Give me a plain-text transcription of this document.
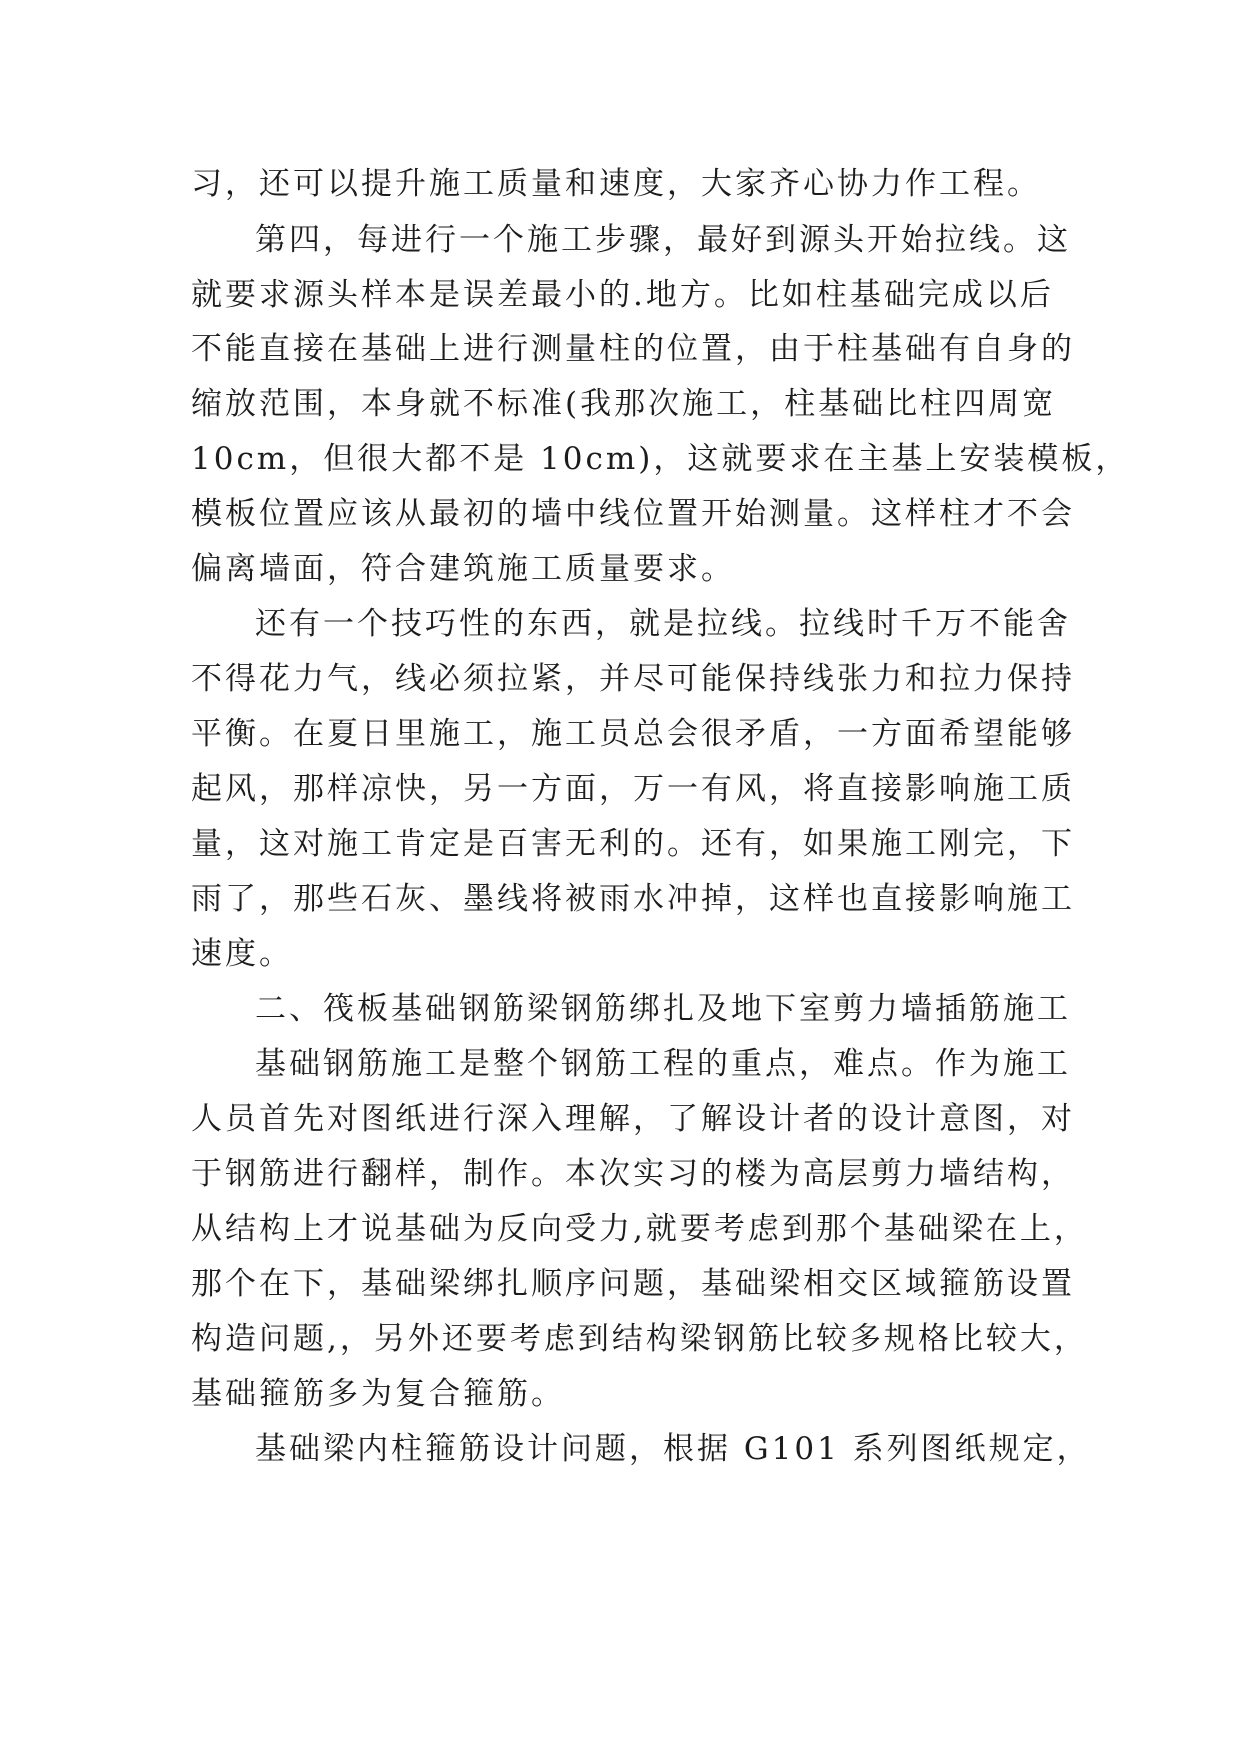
习，还可以提升施工质量和速度，大家齐心协力作工程。
第四，每进行一个施工步骤，最好到源头开始拉线。这
就要求源头样本是误差最小的.地方。比如柱基础完成以后
不能直接在基础上进行测量柱的位置，由于柱基础有自身的
缩放范围，本身就不标准(我那次施工，柱基础比柱四周宽
10cm，但很大都不是 10cm)，这就要求在主基上安装模板，
模板位置应该从最初的墙中线位置开始测量。这样柱才不会
偏离墙面，符合建筑施工质量要求。
还有一个技巧性的东西，就是拉线。拉线时千万不能舍
不得花力气，线必须拉紧，并尽可能保持线张力和拉力保持
平衡。在夏日里施工，施工员总会很矛盾，一方面希望能够
起风，那样凉快，另一方面，万一有风，将直接影响施工质
量，这对施工肯定是百害无利的。还有，如果施工刚完，下
雨了，那些石灰、墨线将被雨水冲掉，这样也直接影响施工
速度。
二、筏板基础钢筋梁钢筋绑扎及地下室剪力墙插筋施工
基础钢筋施工是整个钢筋工程的重点，难点。作为施工
人员首先对图纸进行深入理解，了解设计者的设计意图，对
于钢筋进行翻样，制作。本次实习的楼为高层剪力墙结构，
从结构上才说基础为反向受力,就要考虑到那个基础梁在上，
那个在下，基础梁绑扎顺序问题，基础梁相交区域箍筋设置
构造问题,，另外还要考虑到结构梁钢筋比较多规格比较大，
基础箍筋多为复合箍筋。
基础梁内柱箍筋设计问题，根据 G101 系列图纸规定，
